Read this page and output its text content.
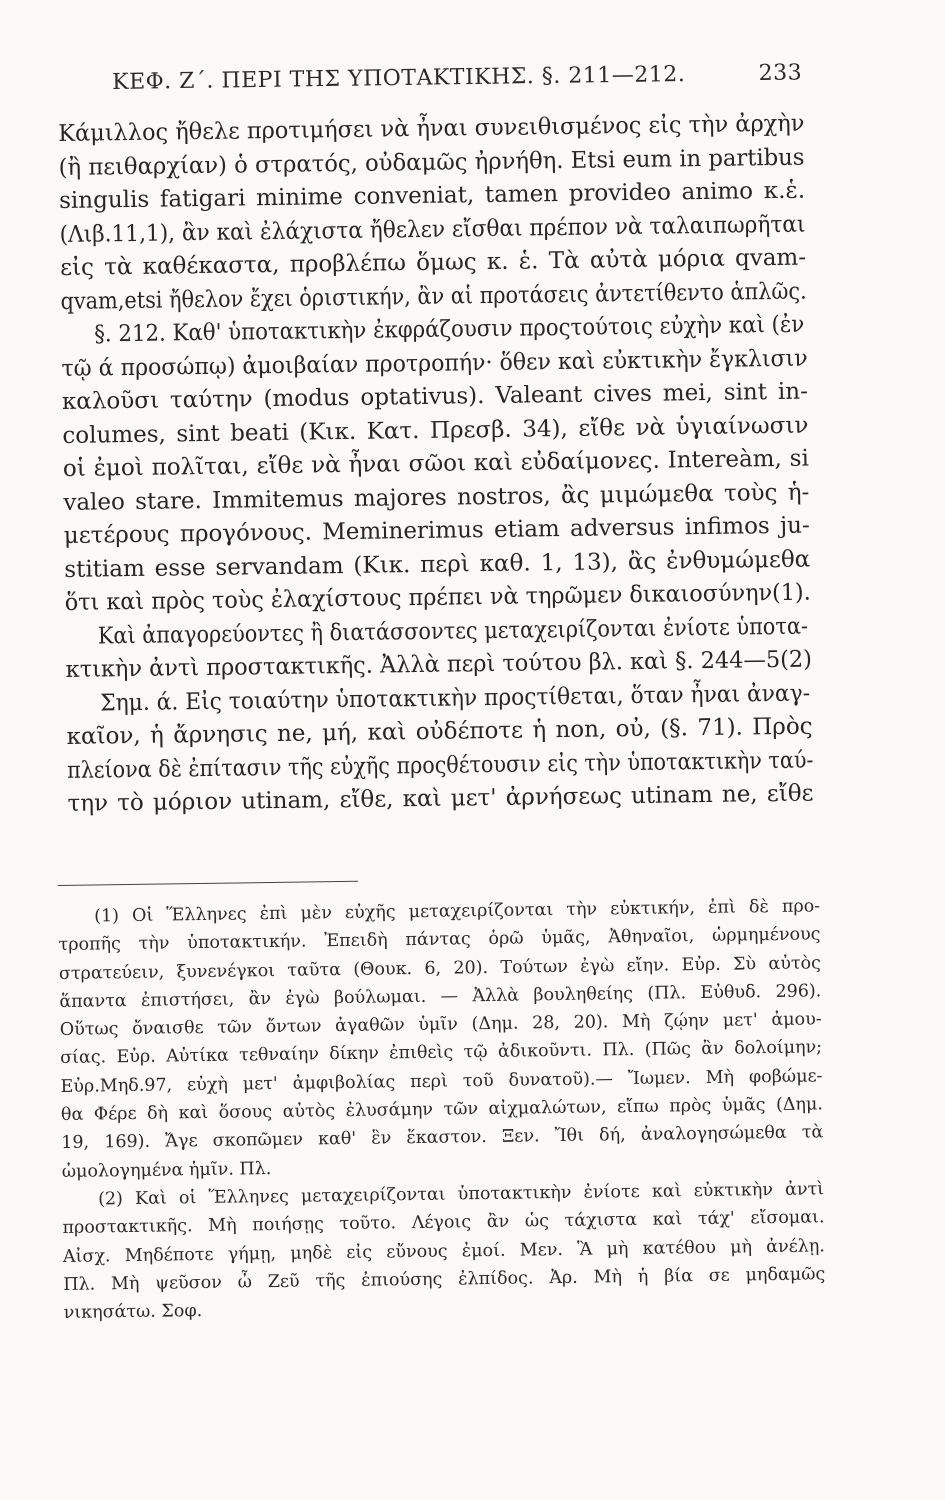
ΚΕΦ. Ζ΄. ΠΕΡΙ ΤΗΣ ΥΠΟΤΑΚΤΙΚΗΣ. §. 211—212.	233
Κάμιλλος ἤθελε προτιμήσει νὰ ἦναι συνειθισμένος εἰς τὴν ἀρχὴν
(ἢ πειθαρχίαν) ὁ στρατός, οὐδαμῶς ἠρνήθη. Etsi eum in partibus
singulis fatigari minime conveniat, tamen provideo animo κ.ἑ.
(Λιβ.11,1), ἂν καὶ ἐλάχιστα ἤθελεν εἴσθαι πρέπον νὰ ταλαιπωρῆται
εἰς τὰ καθέκαστα, προβλέπω ὅμως κ. ἑ. Τὰ αὐτὰ μόρια qvam-
qvam,etsi ἤθελον ἔχει ὁριστικήν, ἂν αἱ προτάσεις ἀντετίθεντο ἁπλῶς.
§. 212. Καθ' ὑποτακτικὴν ἐκφράζουσιν προςτούτοις εὐχὴν καὶ (ἐν
τῷ ά προσώπῳ) ἀμοιβαίαν προτροπήν· ὅθεν καὶ εὐκτικὴν ἔγκλισιν
καλοῦσι ταύτην (modus optativus). Valeant cives mei, sint in-
columes, sint beati (Κικ. Κατ. Πρεσβ. 34), εἴθε νὰ ὑγιαίνωσιν
οἱ ἐμοὶ πολῖται, εἴθε νὰ ἦναι σῶοι καὶ εὐδαίμονες. Intereàm, si
valeo stare. Immitemus majores nostros, ἂς μιμώμεθα τοὺς ἡ-
μετέρους προγόνους. Meminerimus etiam adversus infimos ju-
stitiam esse servandam (Κικ. περὶ καθ. 1, 13), ἂς ἐνθυμώμεθα
ὅτι καὶ πρὸς τοὺς ἐλαχίστους πρέπει νὰ τηρῶμεν δικαιοσύνην(1).
Καὶ ἀπαγορεύοντες ἢ διατάσσοντες μεταχειρίζονται ἐνίοτε ὑποτα-
κτικὴν ἀντὶ προστακτικῆς. Ἀλλὰ περὶ τούτου βλ. καὶ §. 244—5(2)
Σημ. ά. Εἰς τοιαύτην ὑποτακτικὴν προςτίθεται, ὅταν ἦναι ἀναγ-
καῖον, ἡ ἄρνησις ne, μή, καὶ οὐδέποτε ἡ non, οὐ, (§. 71). Πρὸς
πλείονα δὲ ἐπίτασιν τῆς εὐχῆς προςθέτουσιν εἰς τὴν ὑποτακτικὴν ταύ-
την τὸ μόριον utinam, εἴθε, καὶ μετ' ἀρνήσεως utinam ne, εἴθε
(1) Οἱ Ἕλληνες ἐπὶ μὲν εὐχῆς μεταχειρίζονται τὴν εὐκτικήν, ἐπὶ δὲ προ-
τροπῆς τὴν ὑποτακτικήν. Ἐπειδὴ πάντας ὁρῶ ὑμᾶς, Ἀθηναῖοι, ὡρμημένους
στρατεύειν, ξυνενέγκοι ταῦτα (Θουκ. 6, 20). Τούτων ἐγὼ εἴην. Εὐρ. Σὺ αὐτὸς
ἅπαντα ἐπιστήσει, ἂν ἐγὼ βούλωμαι. — Ἀλλὰ βουληθείης (Πλ. Εὐθυδ. 296).
Οὕτως ὄναισθε τῶν ὄντων ἀγαθῶν ὑμῖν (Δημ. 28, 20). Μὴ ζῴην μετ' ἀμου-
σίας. Εὐρ. Αὐτίκα τεθναίην δίκην ἐπιθεὶς τῷ ἀδικοῦντι. Πλ. (Πῶς ἂν δολοίμην;
Εὐρ.Μηδ.97, εὐχὴ μετ' ἀμφιβολίας περὶ τοῦ δυνατοῦ).— Ἴωμεν. Μὴ φοβώμε-
θα Φέρε δὴ καὶ ὅσους αὐτὸς ἐλυσάμην τῶν αἰχμαλώτων, εἴπω πρὸς ὑμᾶς (Δημ.
19, 169). Ἄγε σκοπῶμεν καθ' ἓν ἕκαστον. Ξεν. Ἴθι δή, ἀναλογησώμεθα τὰ
ὡμολογημένα ἡμῖν. Πλ.
(2) Καὶ οἱ Ἕλληνες μεταχειρίζονται ὑποτακτικὴν ἐνίοτε καὶ εὐκτικὴν ἀντὶ
προστακτικῆς. Μὴ ποιήσῃς τοῦτο. Λέγοις ἂν ὡς τάχιστα καὶ τάχ' εἴσομαι.
Αἰσχ. Μηδέποτε γήμῃ, μηδὲ εἰς εὔνους ἐμοί. Μεν. Ἃ μὴ κατέθου μὴ ἀνέλῃ.
Πλ. Μὴ ψεῦσον ὦ Ζεῦ τῆς ἐπιούσης ἐλπίδος. Ἀρ. Μὴ ἡ βία σε μηδαμῶς
νικησάτω. Σοφ.
